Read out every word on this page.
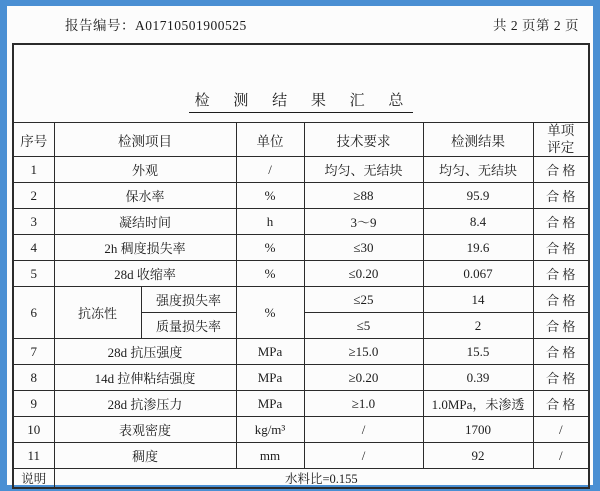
报告编号：A01710501900525	共 2 页第 2 页
检 测 结 果 汇 总						
序号	检测项目		单位	技术要求	检测结果	单项
评定

1	外观		/	均匀、无结块	均匀、无结块	合 格
2	保水率		%	≥88	95.9	合 格
3	凝结时间		h	3～9	8.4	合 格
4	2h 稠度损失率		%	≤30	19.6	合 格
5	28d 收缩率		%	≤0.20	0.067	合 格
6	抗冻性	强度损失率	%	≤25	14	合 格
		质量损失率		≤5	2	合 格
7	28d 抗压强度		MPa	≥15.0	15.5	合 格
8	14d 拉伸粘结强度		MPa	≥0.20	0.39	合 格
9	28d 抗渗压力		MPa	≥1.0	1.0MPa，未渗透	合 格
10	表观密度		kg/m³	/	1700	/
11	稠度		mm	/	92	/
说明	水料比=0.155					
